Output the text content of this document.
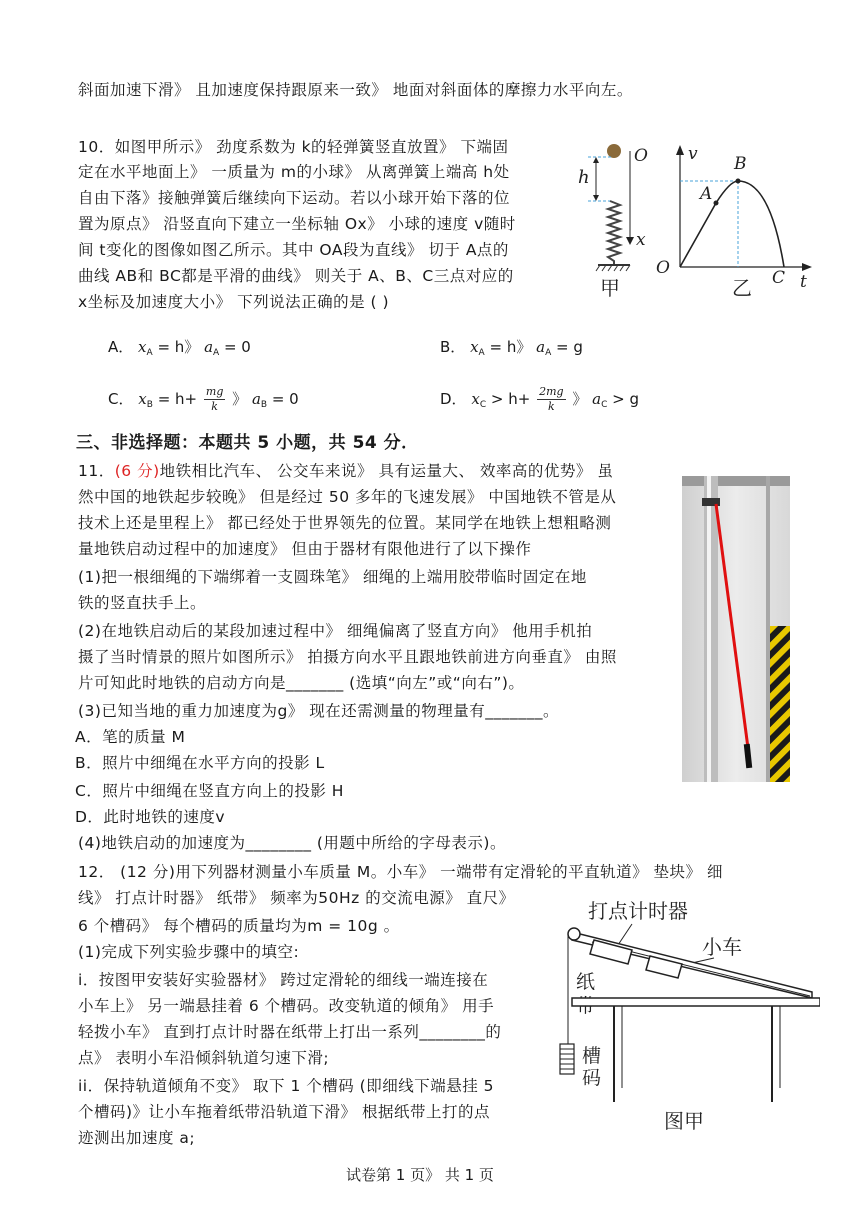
斜面加速下滑》 且加速度保持跟原来一致》 地面对斜面体的摩擦力水平向左。
10．如图甲所示》 劲度系数为 k的轻弹簧竖直放置》 下端固
定在水平地面上》 一质量为 m的小球》 从离弹簧上端高 h处
自由下落》接触弹簧后继续向下运动。若以小球开始下落的位
置为原点》 沿竖直向下建立一坐标轴 Ox》 小球的速度 v随时
间 t变化的图像如图乙所示。其中 OA段为直线》 切于 A点的
曲线 AB和 BC都是平滑的曲线》 则关于 A、B、C三点对应的
x坐标及加速度大小》 下列说法正确的是 ( )
h
O
x
甲
v
t
O
A
B
C
乙
A． $x_A = h$》 $a_A = 0$	B． $x_A = h$》 $a_A = g$
C． $x_B = h+ \frac{mg}{k}$ 》 $a_B = 0$	D． $x_C > h+ \frac{2mg}{k}$ 》 $a_C > g$
三、非选择题：本题共 5 小题，共 54 分．
11．(6 分)地铁相比汽车、 公交车来说》 具有运量大、 效率高的优势》 虽
然中国的地铁起步较晚》 但是经过 50 多年的飞速发展》 中国地铁不管是从
技术上还是里程上》 都已经处于世界领先的位置。某同学在地铁上想粗略测
量地铁启动过程中的加速度》 但由于器材有限他进行了以下操作
(1)把一根细绳的下端绑着一支圆珠笔》 细绳的上端用胶带临时固定在地
铁的竖直扶手上。
(2)在地铁启动后的某段加速过程中》 细绳偏离了竖直方向》 他用手机拍
摄了当时情景的照片如图所示》 拍摄方向水平且跟地铁前进方向垂直》 由照
片可知此时地铁的启动方向是_______ (选填“向左”或“向右”)。
(3)已知当地的重力加速度为g》 现在还需测量的物理量有_______。
A．笔的质量 M
B．照片中细绳在水平方向的投影 L
C．照片中细绳在竖直方向上的投影 H
D．此时地铁的速度v
(4)地铁启动的加速度为________ (用题中所给的字母表示)。
12． (12 分)用下列器材测量小车质量 M。小车》 一端带有定滑轮的平直轨道》 垫块》 细
线》 打点计时器》 纸带》 频率为50Hz 的交流电源》 直尺》
6 个槽码》 每个槽码的质量均为m = 10g 。
(1)完成下列实验步骤中的填空:
i．按图甲安装好实验器材》 跨过定滑轮的细线一端连接在
小车上》 另一端悬挂着 6 个槽码。改变轨道的倾角》 用手
轻拨小车》 直到打点计时器在纸带上打出一系列________的
点》 表明小车沿倾斜轨道匀速下滑;
ii．保持轨道倾角不变》 取下 1 个槽码 (即细线下端悬挂 5
个槽码)》让小车拖着纸带沿轨道下滑》 根据纸带上打的点
迹测出加速度 a;
打点计时器
小车
槽
码
纸
图甲
试卷第 1 页》 共 1 页
